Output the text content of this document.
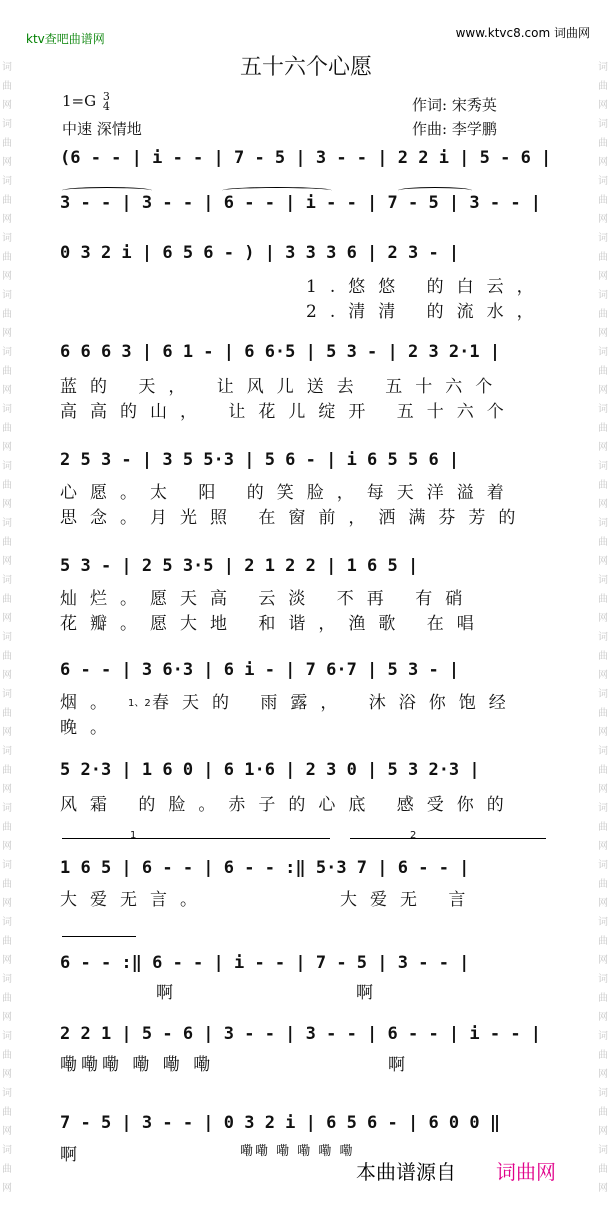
词
曲
网
词
曲
网
词
曲
网
词
曲
网
词
曲
网
词
曲
网
词
曲
网
词
曲
网
词
曲
网
词
曲
网
词
曲
网
词
曲
网
词
曲
网
词
曲
网
词
曲
网
词
曲
网
词
曲
网
词
曲
网
词
曲
网
词
曲
网
词
曲
网
词
曲
网
词
曲
网
词
曲
网
词
曲
网
词
曲
网
词
曲
网
词
曲
网
词
曲
网
词
曲
网
词
曲
网
词
曲
网
词
曲
网
词
曲
网
词
曲
网
词
曲
网
词
曲
网
词
曲
网
词
曲
网
词
曲
网
ktv查吧曲谱网	www.ktvc8.com 词曲网
五十六个心愿
1=G 3
4
中速 深情地
作词: 宋秀英
作曲: 李学鹏
(6 - - | i - - | 7 - 5 | 3 - - | 2 2 i | 5 - 6 |
3 - - | 3 - - | 6 - - | i - - | 7 - 5 | 3 - - |
0 3 2 i | 6 5 6 - ) | 3 3 3 6 | 2 3 - |
1.悠悠 的白云，
2.清清 的流水，
6 6 6 3 | 6 1 - | 6 6·5 | 5 3 - | 2 3 2·1 |
蓝的 天， 让风儿送去 五十六个
高高的山， 让花儿绽开 五十六个
2 5 3 - | 3 5 5·3 | 5 6 - | i 6 5 5 6 |
心愿。太 阳 的笑脸，每天洋溢着
思念。月光照 在窗前，洒满芬芳的
5 3 - | 2 5 3·5 | 2 1 2 2 | 1 6 5 |
灿烂。愿天高 云淡 不再 有硝
花瓣。愿大地 和谐，渔歌 在唱
6 - - | 3 6·3 | 6 i - | 7 6·7 | 5 3 - |
烟。
晚。
1、2 春天的 雨露， 沐浴你饱经
5 2·3 | 1 6 0 | 6 1·6 | 2 3 0 | 5 3 2·3 |
风霜 的脸。赤子的心底 感受你的
1	2
1 6 5 | 6 - - | 6 - - :‖ 5·3 7 | 6 - - |
大爱无言。	大爱无 言
6 - - :‖ 6 - - | i - - | 7 - 5 | 3 - - |
啊	啊
2 2 1 | 5 - 6 | 3 - - | 3 - - | 6 - - | i - - |
嘞嘞嘞 嘞 嘞 嘞	啊
7 - 5 | 3 - - | 0 3 2 i | 6 5 6 - | 6 0 0 ‖
啊	嘞嘞 嘞 嘞 嘞 嘞
本曲谱源自 词曲网
